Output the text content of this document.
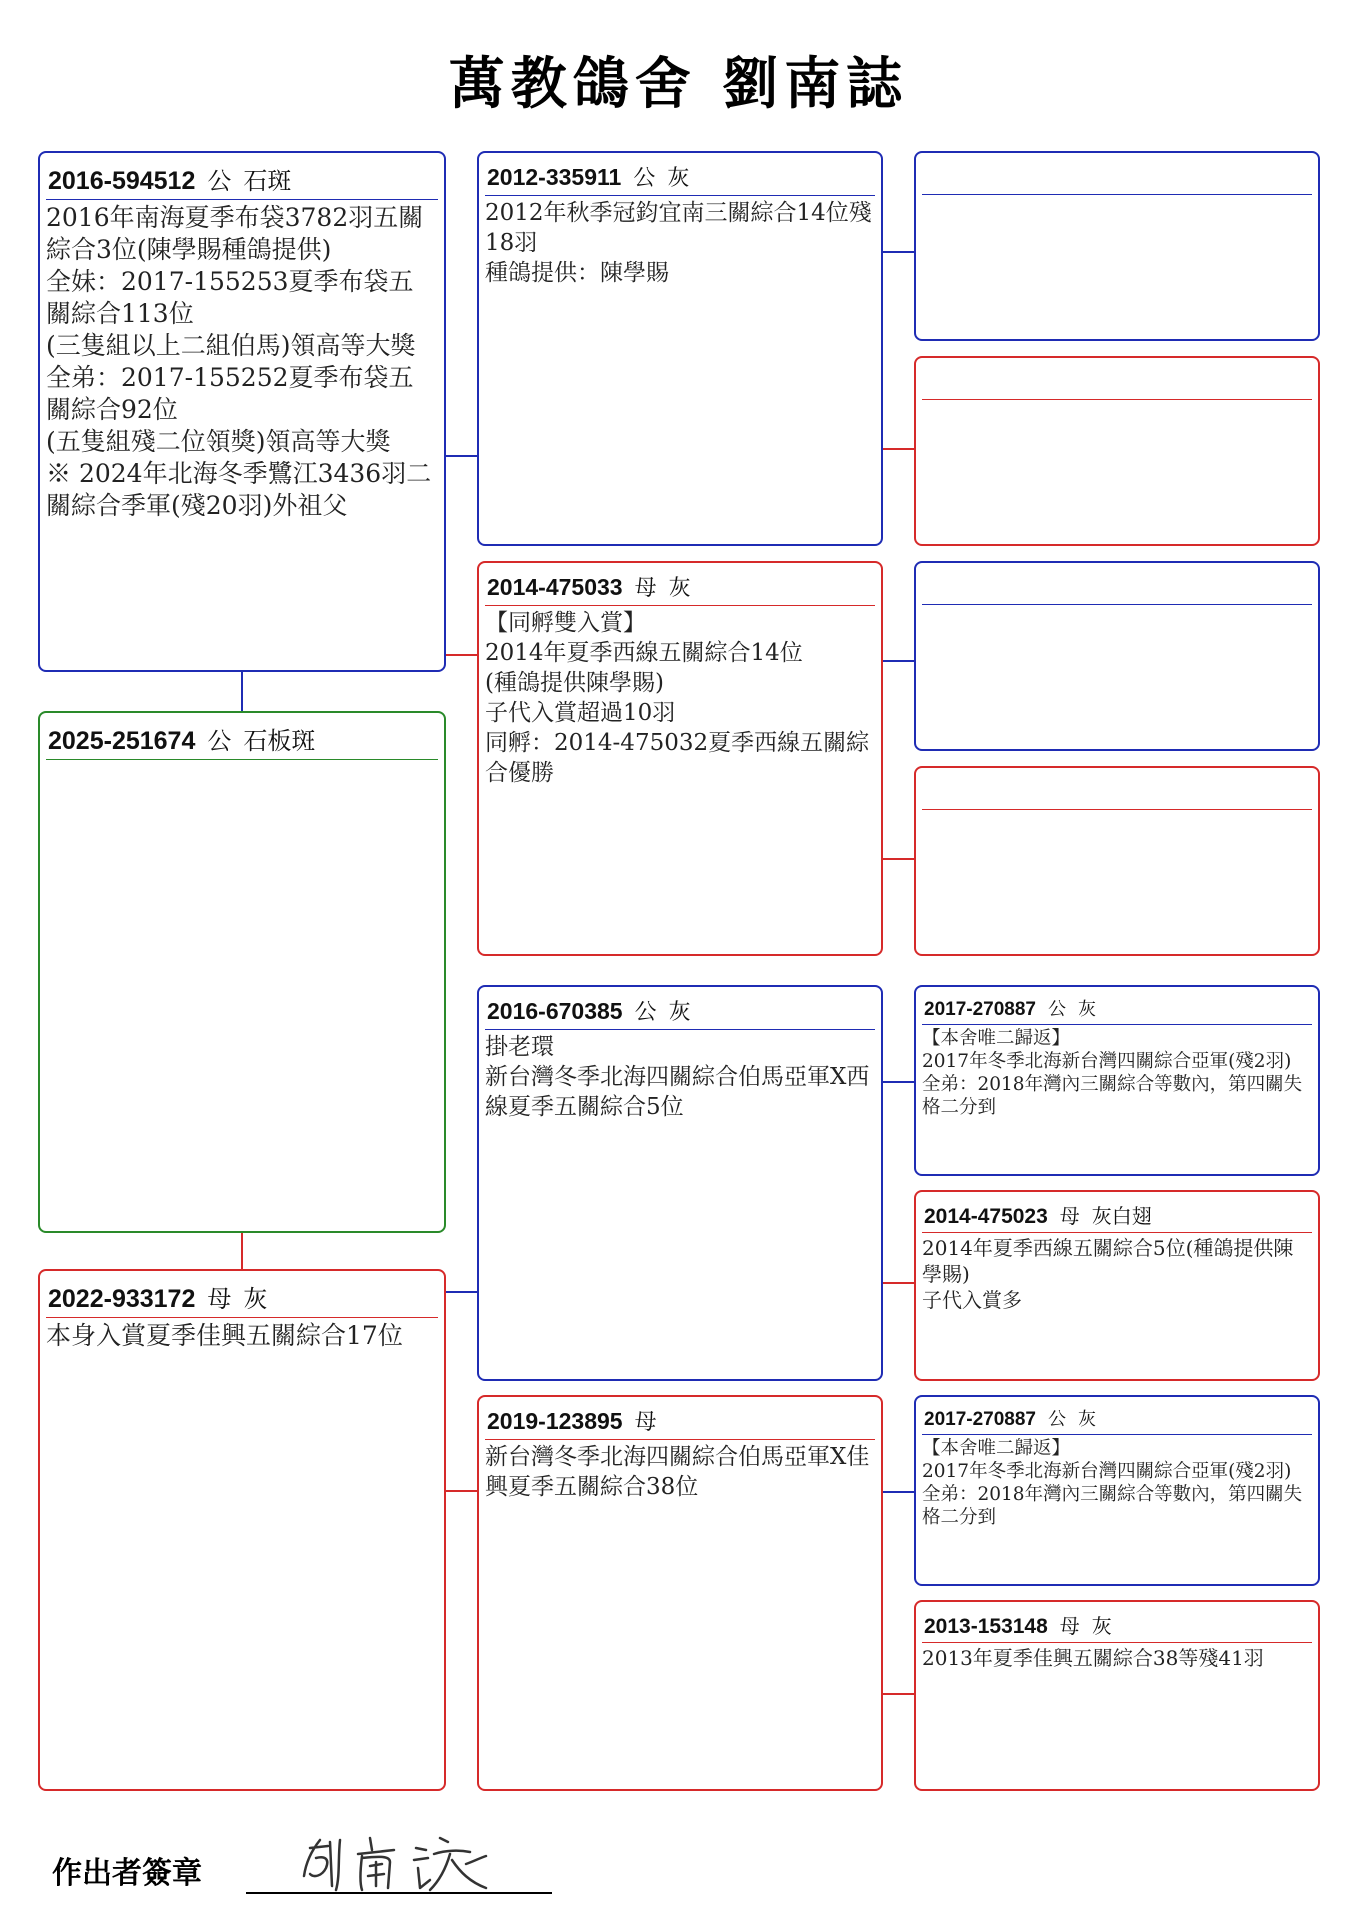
萬教鴿舍 劉南誌
2016-594512 公 石斑
2016年南海夏季布袋3782羽五關綜合3位(陳學賜種鴿提供)
全妹：2017-155253夏季布袋五關綜合113位
(三隻組以上二組伯馬)領高等大獎
全弟：2017-155252夏季布袋五關綜合92位
(五隻組殘二位領獎)領高等大獎
※ 2024年北海冬季鷺江3436羽二關綜合季軍(殘20羽)外祖父
2025-251674 公 石板斑
2022-933172 母 灰
本身入賞夏季佳興五關綜合17位
2012-335911 公 灰
2012年秋季冠鈞宜南三關綜合14位殘18羽
種鴿提供：陳學賜
2014-475033 母 灰
【同孵雙入賞】
2014年夏季西線五關綜合14位
(種鴿提供陳學賜)
子代入賞超過10羽
同孵：2014-475032夏季西線五關綜合優勝
2016-670385 公 灰
掛老環
新台灣冬季北海四關綜合伯馬亞軍X西線夏季五關綜合5位
2019-123895 母
新台灣冬季北海四關綜合伯馬亞軍X佳興夏季五關綜合38位
2017-270887 公 灰
【本舍唯二歸返】
2017年冬季北海新台灣四關綜合亞軍(殘2羽)
全弟：2018年灣內三關綜合等數內，第四關失格二分到
2014-475023 母 灰白翅
2014年夏季西線五關綜合5位(種鴿提供陳學賜)
子代入賞多
2017-270887 公 灰
【本舍唯二歸返】
2017年冬季北海新台灣四關綜合亞軍(殘2羽)
全弟：2018年灣內三關綜合等數內，第四關失格二分到
2013-153148 母 灰
2013年夏季佳興五關綜合38等殘41羽
作出者簽章
